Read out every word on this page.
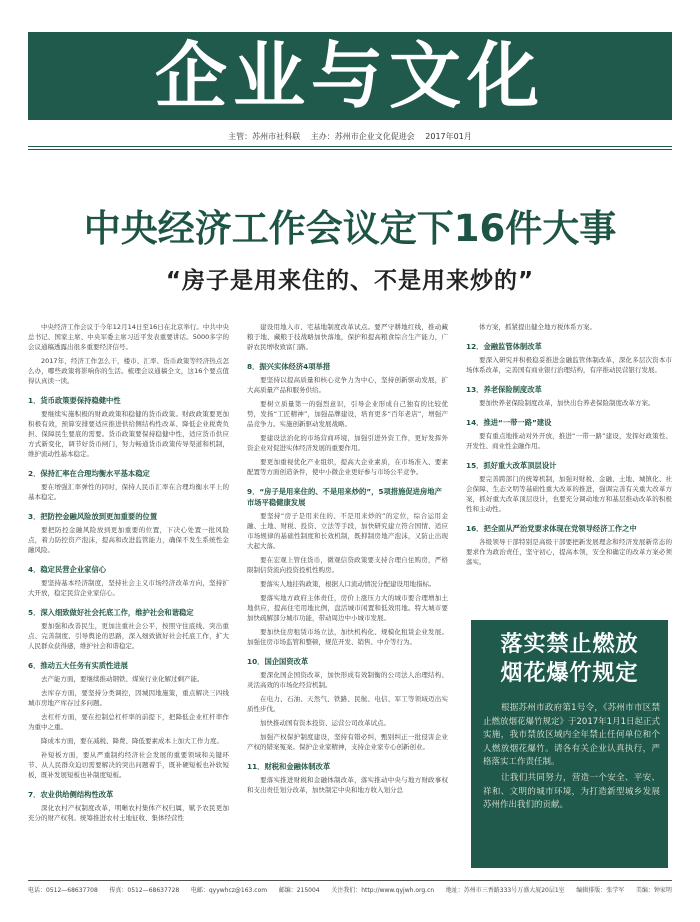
企业与文化
主管：苏州市社科联 主办：苏州市企业文化促进会 2017年01月
中央经济工作会议定下16件大事
“房子是用来住的、不是用来炒的”

中央经济工作会议于今年12月14日至16日在北京举行。中共中央总书记、国家主席、中央军委主席习近平发表重要讲话。5000多字的会议通稿透露出很多重要经济信号。

2017年，经济工作怎么干，楼市、汇率、货币政策等经济热点怎么办，哪些政策将影响你的生活。梳理会议通稿全文，这16个要点值得认真读一读。

1．货币政策要保持稳健中性

要继续实施积极的财政政策和稳健的货币政策。财政政策要更加积极有效，预算安排要适应推进供给侧结构性改革、降低企业税费负担、保障民生要底的需要。货币政策要保持稳健中性，适应货币供应方式新变化，调节好货币闸门，努力畅通货币政策传导渠道和机制，维护流动性基本稳定。

2．保持汇率在合理均衡水平基本稳定

要在增强汇率弹性的同时，保持人民币汇率在合理均衡水平上的基本稳定。

3．把防控金融风险放到更加重要的位置

要把防控金融风险放到更加重要的位置，下决心处置一批风险点，着力防控资产泡沫，提高和改进监管能力，确保不发生系统性金融风险。

4．稳定民营企业家信心

要坚持基本经济制度，坚持社会主义市场经济改革方向，坚持扩大开放，稳定民营企业家信心。

5．深入细致做好社会托底工作，维护社会和谐稳定

要加强和改善民生，更加注重社会公平，按照守住底线、突出重点、完善制度、引导舆论的思路，深入细致做好社会托底工作，扩大人民群众获得感，维护社会和谐稳定。

6．推动五大任务有实质性进展

去产能方面，要继续推动钢铁、煤炭行业化解过剩产能。

去库存方面，要坚持分类调控，因城因地施策，重点解决三四线城市房地产库存过多问题。

去杠杆方面，要在控制总杠杆率的前提下，把降低企业杠杆率作为重中之重。

降成本方面，要在减税、降费、降低要素成本上加大工作力度。

补短板方面，要从严重制约经济社会发展的重要领域和关键环节、从人民群众迫切需要解决的突出问题着手，既补硬短板也补软短板，既补发展短板也补制度短板。

7．农业供给侧结构性改革

深化农村产权制度改革，明晰农村集体产权归属，赋予农民更加充分的财产权利。统筹推进农村土地征收、集体经营性

建设用地入市、宅基地制度改革试点。要严守耕地红线，推动藏粮于地、藏粮于技战略加快落地，保护和提高粮食综合生产能力，广辟农民增收致富门路。

8．振兴实体经济4项举措

要坚持以提高质量和核心竞争力为中心，坚持创新驱动发展，扩大高质量产品和服务供给。

要树立质量第一的强烈意识，引导企业形成自己独有的比较优势，发扬“工匠精神”，加强品牌建设，培育更多“百年老店”，增强产品竞争力。实施创新驱动发展战略。

要建设法治化的市场营商环境，加强引进外资工作，更好发挥外资企业对促进实体经济发展的重要作用。

要更加重视优化产业组织，提高大企业素质，在市场准入、要素配置等方面创造条件，使中小微企业更好参与市场公平竞争。

9．“房子是用来住的、不是用来炒的”，5项措施促进房地产市场平稳健康发展

要坚持“房子是用来住的、不是用来炒的”的定位，综合运用金融、土地、财税、投资、立法等手段，加快研究建立符合国情、适应市场规律的基础性制度和长效机制，既抑制房地产泡沫，又防止出现大起大落。

要在宏观上管住货币，微观信贷政策要支持合理自住购房，严格限制信贷流向投资投机性购房。

要落实人地挂钩政策，根据人口流动情况分配建设用地指标。

要落实地方政府主体责任，房价上涨压力大的城市要合理增加土地供应，提高住宅用地比例，盘活城市闲置和低效用地。特大城市要加快疏解部分城市功能，带动周边中小城市发展。

要加快住房租赁市场立法，加快机构化、规模化租赁企业发展。加强住房市场监管和整顿，规范开发、销售、中介等行为。

10．国企国资改革

要深化国企国资改革，加快形成有效制衡的公司法人治理结构、灵活高效的市场化经营机制。

在电力、石油、天然气、铁路、民航、电信、军工等领域迈出实质性步伐。

加快推动国有资本投资、运营公司改革试点。

加强产权保护制度建设，坚持有错必纠，甄别纠正一批侵害企业产权的错案冤案。保护企业家精神，支持企业家专心创新创业。

11．财税和金融体制改革

要落实推进财税和金融体制改革，落实推动中央与地方财政事权和支出责任划分改革，加快制定中央和地方收入划分总

体方案，抓紧提出健全地方税体系方案。

12．金融监管体制改革

要深入研究并积极稳妥推进金融监管体制改革，深化多层次资本市场体系改革，完善国有商业银行治理结构，有序推动民营银行发展。

13．养老保险制度改革

要加快养老保险制度改革，加快出台养老保险制度改革方案。

14．推进“一带一路”建设

要有重点地推动对外开放，推进“一带一路”建设，发挥好政策性、开发性、商业性金融作用。

15．抓好重大改革顶层设计

要完善跨部门的统筹机制，加强对财税、金融、土地、城镇化、社会保障、生态文明等基础性重大改革的推进，强调完善有关重大改革方案，抓好重大改革顶层设计，也要充分调动地方和基层推动改革的积极性和主动性。

16．把全面从严治党要求体现在党领导经济工作之中

各级领导干部特别是高级干部要把新发展理念和经济发展新常态的要求作为政治责任，坚守初心，提高本领，安全和确定的改革方案必须落实。

落实禁止燃放
烟花爆竹规定

根据苏州市政府第1号令，《苏州市市区禁止燃放烟花爆竹规定》于2017年1月1日起正式实施，我市禁放区域内全年禁止任何单位和个人燃放烟花爆竹。请各有关企业认真执行，严格落实工作责任制。

让我们共同努力，营造一个安全、平安、祥和、文明的城市环境，为打造新型城乡发展苏州作出我们的贡献。

电话：0512—68637708 传真：0512—68637728 电邮：qyywhcz@163.com 邮编：215004 关注我们：http://www.qyjwh.org.cn 地址：苏州市三香路333号万盛大厦20层1室 编辑排版：张学军 美编：钟家明
